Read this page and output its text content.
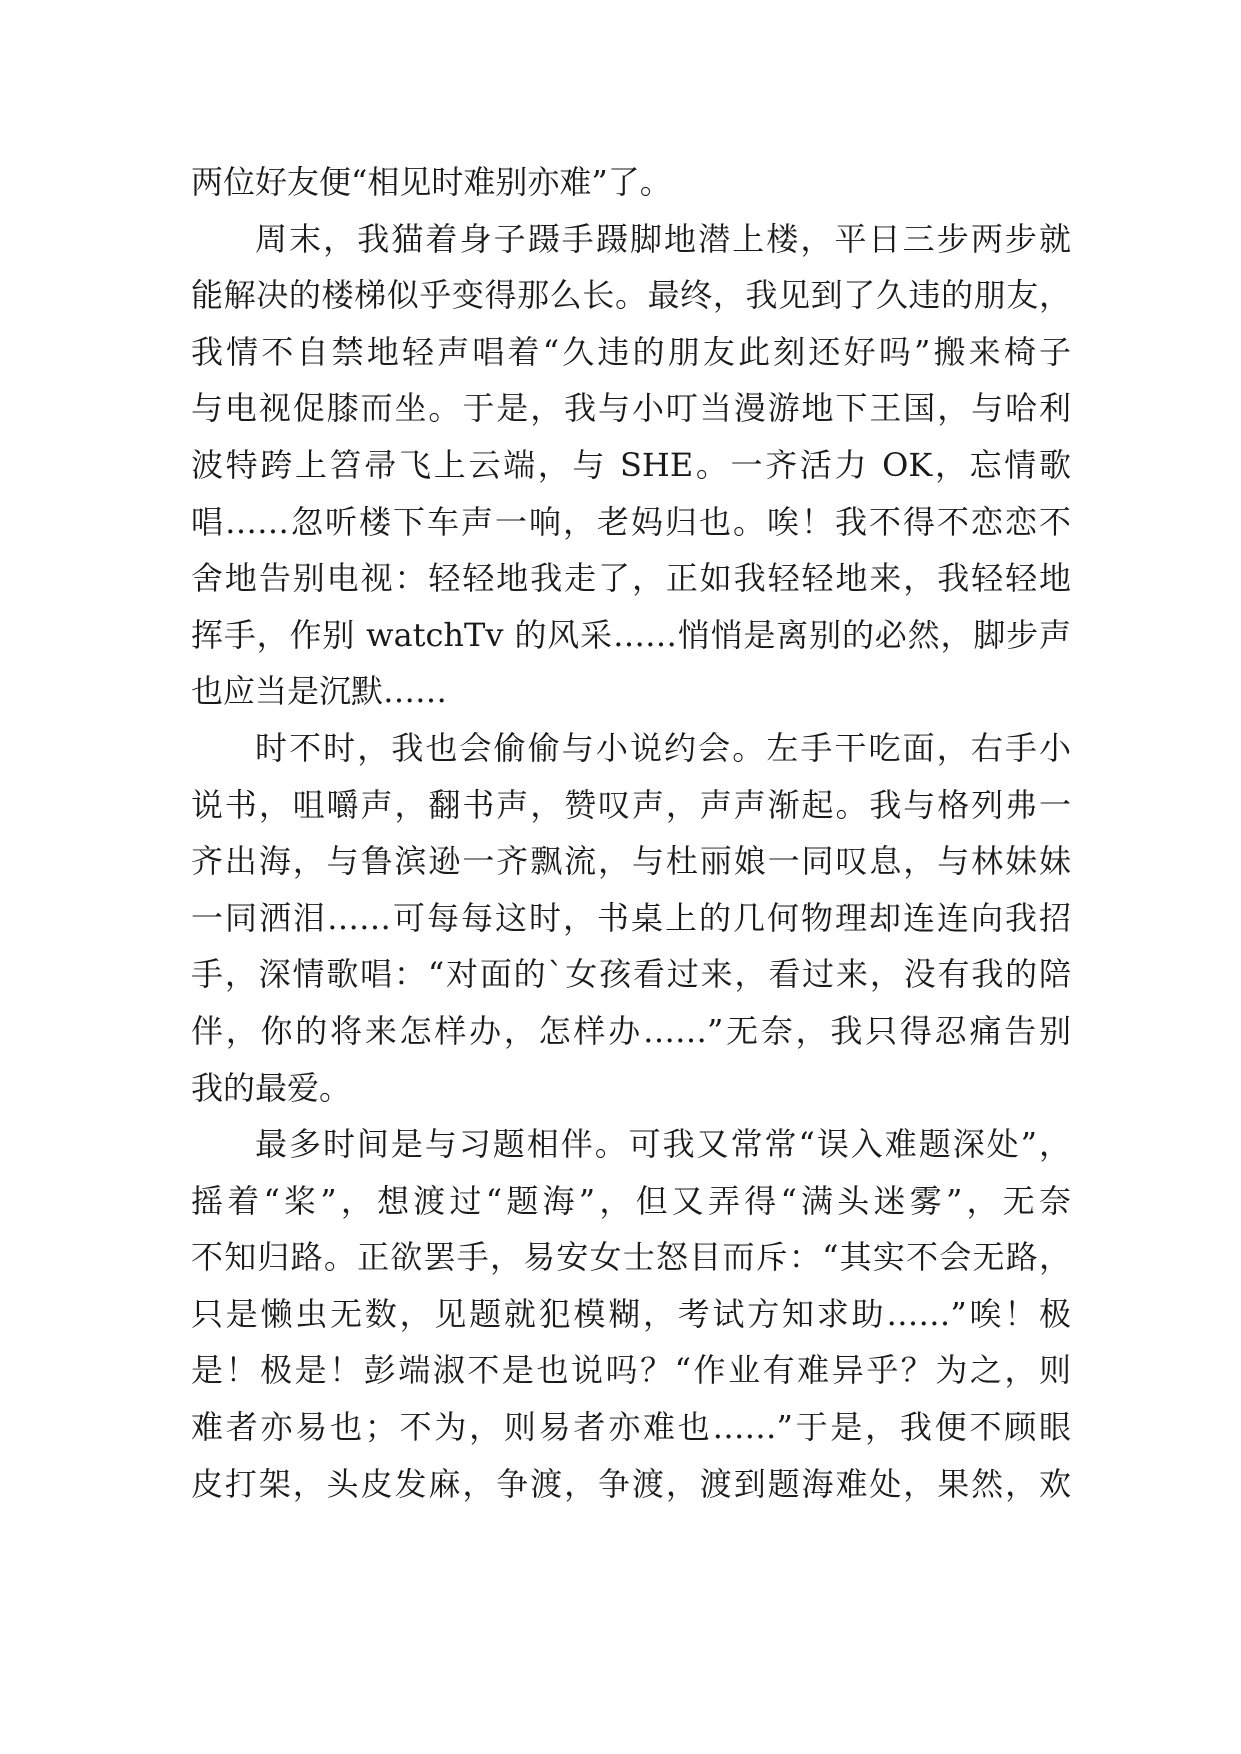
两位好友便“相见时难别亦难”了。
周末，我猫着身子蹑手蹑脚地潜上楼，平日三步两步就
能解决的楼梯似乎变得那么长。最终，我见到了久违的朋友，
我情不自禁地轻声唱着“久违的朋友此刻还好吗”搬来椅子
与电视促膝而坐。于是，我与小叮当漫游地下王国，与哈利
波特跨上笤帚飞上云端，与 SHE。一齐活力 OK，忘情歌
唱……忽听楼下车声一响，老妈归也。唉！我不得不恋恋不
舍地告别电视：轻轻地我走了，正如我轻轻地来，我轻轻地
挥手，作别 watchTv 的风采……悄悄是离别的必然，脚步声
也应当是沉默……
时不时，我也会偷偷与小说约会。左手干吃面，右手小
说书，咀嚼声，翻书声，赞叹声，声声渐起。我与格列弗一
齐出海，与鲁滨逊一齐飘流，与杜丽娘一同叹息，与林妹妹
一同洒泪……可每每这时，书桌上的几何物理却连连向我招
手，深情歌唱：“对面的`女孩看过来，看过来，没有我的陪
伴，你的将来怎样办，怎样办……”无奈，我只得忍痛告别
我的最爱。
最多时间是与习题相伴。可我又常常“误入难题深处”，
摇着“桨”，想渡过“题海”，但又弄得“满头迷雾”，无奈
不知归路。正欲罢手，易安女士怒目而斥：“其实不会无路，
只是懒虫无数，见题就犯模糊，考试方知求助……”唉！极
是！极是！彭端淑不是也说吗？“作业有难异乎？为之，则
难者亦易也；不为，则易者亦难也……”于是，我便不顾眼
皮打架，头皮发麻，争渡，争渡，渡到题海难处，果然，欢
